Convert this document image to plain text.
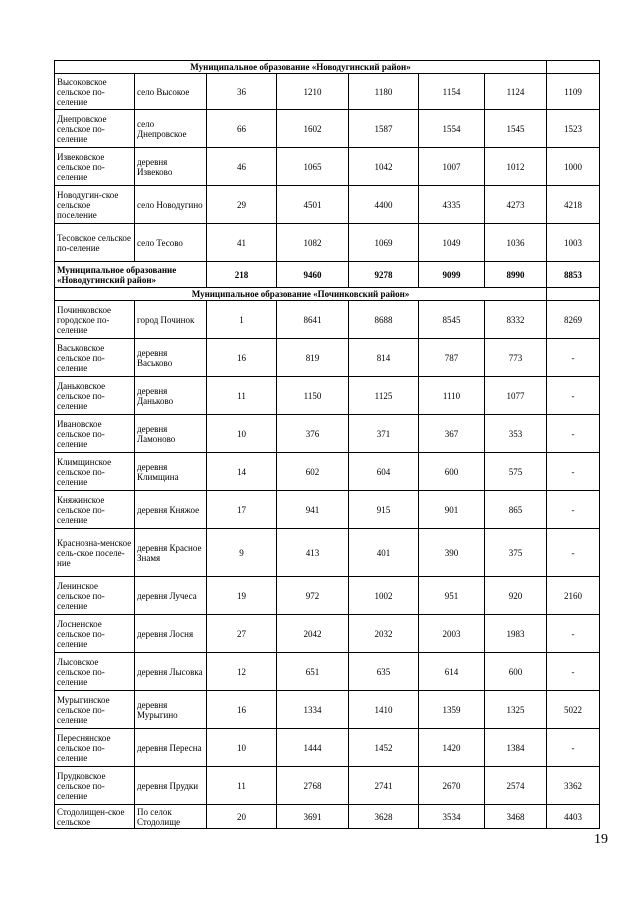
Муниципальное образование «Новодугинский район»							
Высоковское сельское по-селение	село Высокое	36	1210	1180	1154	1124	1109
Днепровское сельское по-селение	село Днепровское	66	1602	1587	1554	1545	1523
Извековское сельское по-селение	деревня Извеково	46	1065	1042	1007	1012	1000
Новодугин-ское сельское поселение	село Новодугино	29	4501	4400	4335	4273	4218
Тесовское сельское по-селение	село Тесово	41	1082	1069	1049	1036	1003
Муниципальное образование «Новодугинский район»		218	9460	9278	9099	8990	8853
Муниципальное образование «Починковский район»							
Починковское городское по-селение	город Починок	1	8641	8688	8545	8332	8269
Васьковское сельское по-селение	деревня Васьково	16	819	814	787	773	-
Даньковское сельское по-селение	деревня Даньково	11	1150	1125	1110	1077	-
Ивановское сельское по-селение	деревня Ламоново	10	376	371	367	353	-
Климщинское сельское по-селение	деревня Климщина	14	602	604	600	575	-
Княжинское сельское по-селение	деревня Княжое	17	941	915	901	865	-
Краснозна-менское сель-ское поселе-ние	деревня Красное Знамя	9	413	401	390	375	-
Ленинское сельское по-селение	деревня Лучеса	19	972	1002	951	920	2160
Лосненское сельское по-селение	деревня Лосня	27	2042	2032	2003	1983	-
Лысовское сельское по-селение	деревня Лысовка	12	651	635	614	600	-
Мурыгинское сельское по-селение	деревня Мурыгино	16	1334	1410	1359	1325	5022
Переснянское сельское по-селение	деревня Пересна	10	1444	1452	1420	1384	-
Прудковское сельское по-селение	деревня Прудки	11	2768	2741	2670	2574	3362
Стодолищен-ское сельское	По селок Стодолище	20	3691	3628	3534	3468	4403
19
